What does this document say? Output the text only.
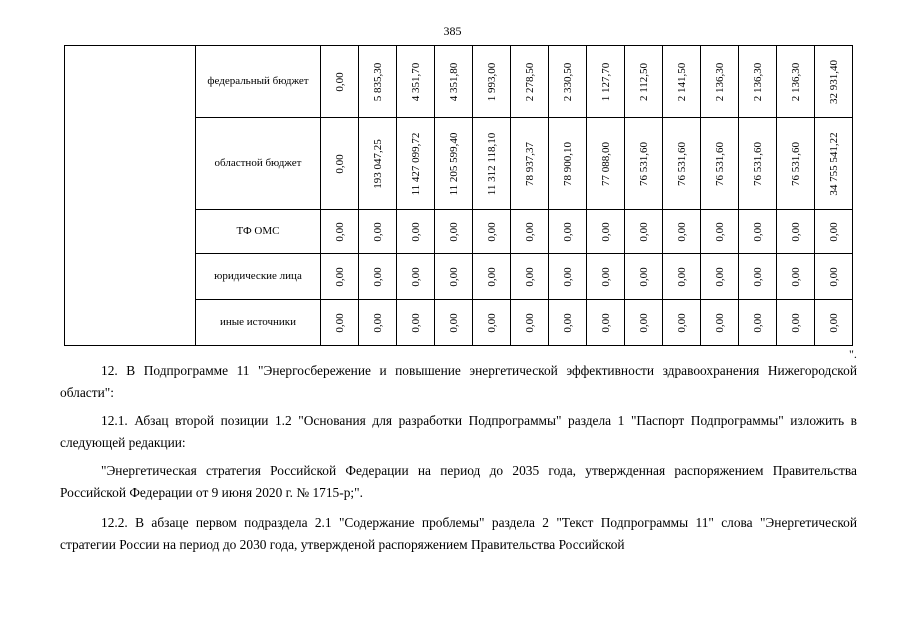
385
	федеральный бюджет	0,00	5 835,30	4 351,70	4 351,80	1 993,00	2 278,50	2 330,50	1 127,70	2 112,50	2 141,50	2 136,30	2 136,30	2 136,30	32 931,40

	областной бюджет	0,00	193 047,25	11 427 099,72	11 205 599,40	11 312 118,10	78 937,37	78 900,10	77 088,00	76 531,60	76 531,60	76 531,60	76 531,60	76 531,60	34 755 541,22

	ТФ ОМС	0,00	0,00	0,00	0,00	0,00	0,00	0,00	0,00	0,00	0,00	0,00	0,00	0,00	0,00

	юридические лица	0,00	0,00	0,00	0,00	0,00	0,00	0,00	0,00	0,00	0,00	0,00	0,00	0,00	0,00

	иные источники	0,00	0,00	0,00	0,00	0,00	0,00	0,00	0,00	0,00	0,00	0,00	0,00	0,00	0,00
".
12. В Подпрограмме 11 "Энергосбережение и повышение энергетической эффективности здравоохранения Нижегородской области":
12.1. Абзац второй позиции 1.2 "Основания для разработки Подпрограммы" раздела 1 "Паспорт Подпрограммы" изложить в следующей редакции:
"Энергетическая стратегия Российской Федерации на период до 2035 года, утвержденная распоряжением Правительства Российской Федерации от 9 июня 2020 г. № 1715-р;".
12.2. В абзаце первом подраздела 2.1 "Содержание проблемы" раздела 2 "Текст Подпрограммы 11" слова "Энергетической стратегии России на период до 2030 года, утвержденой распоряжением Правительства Российской
